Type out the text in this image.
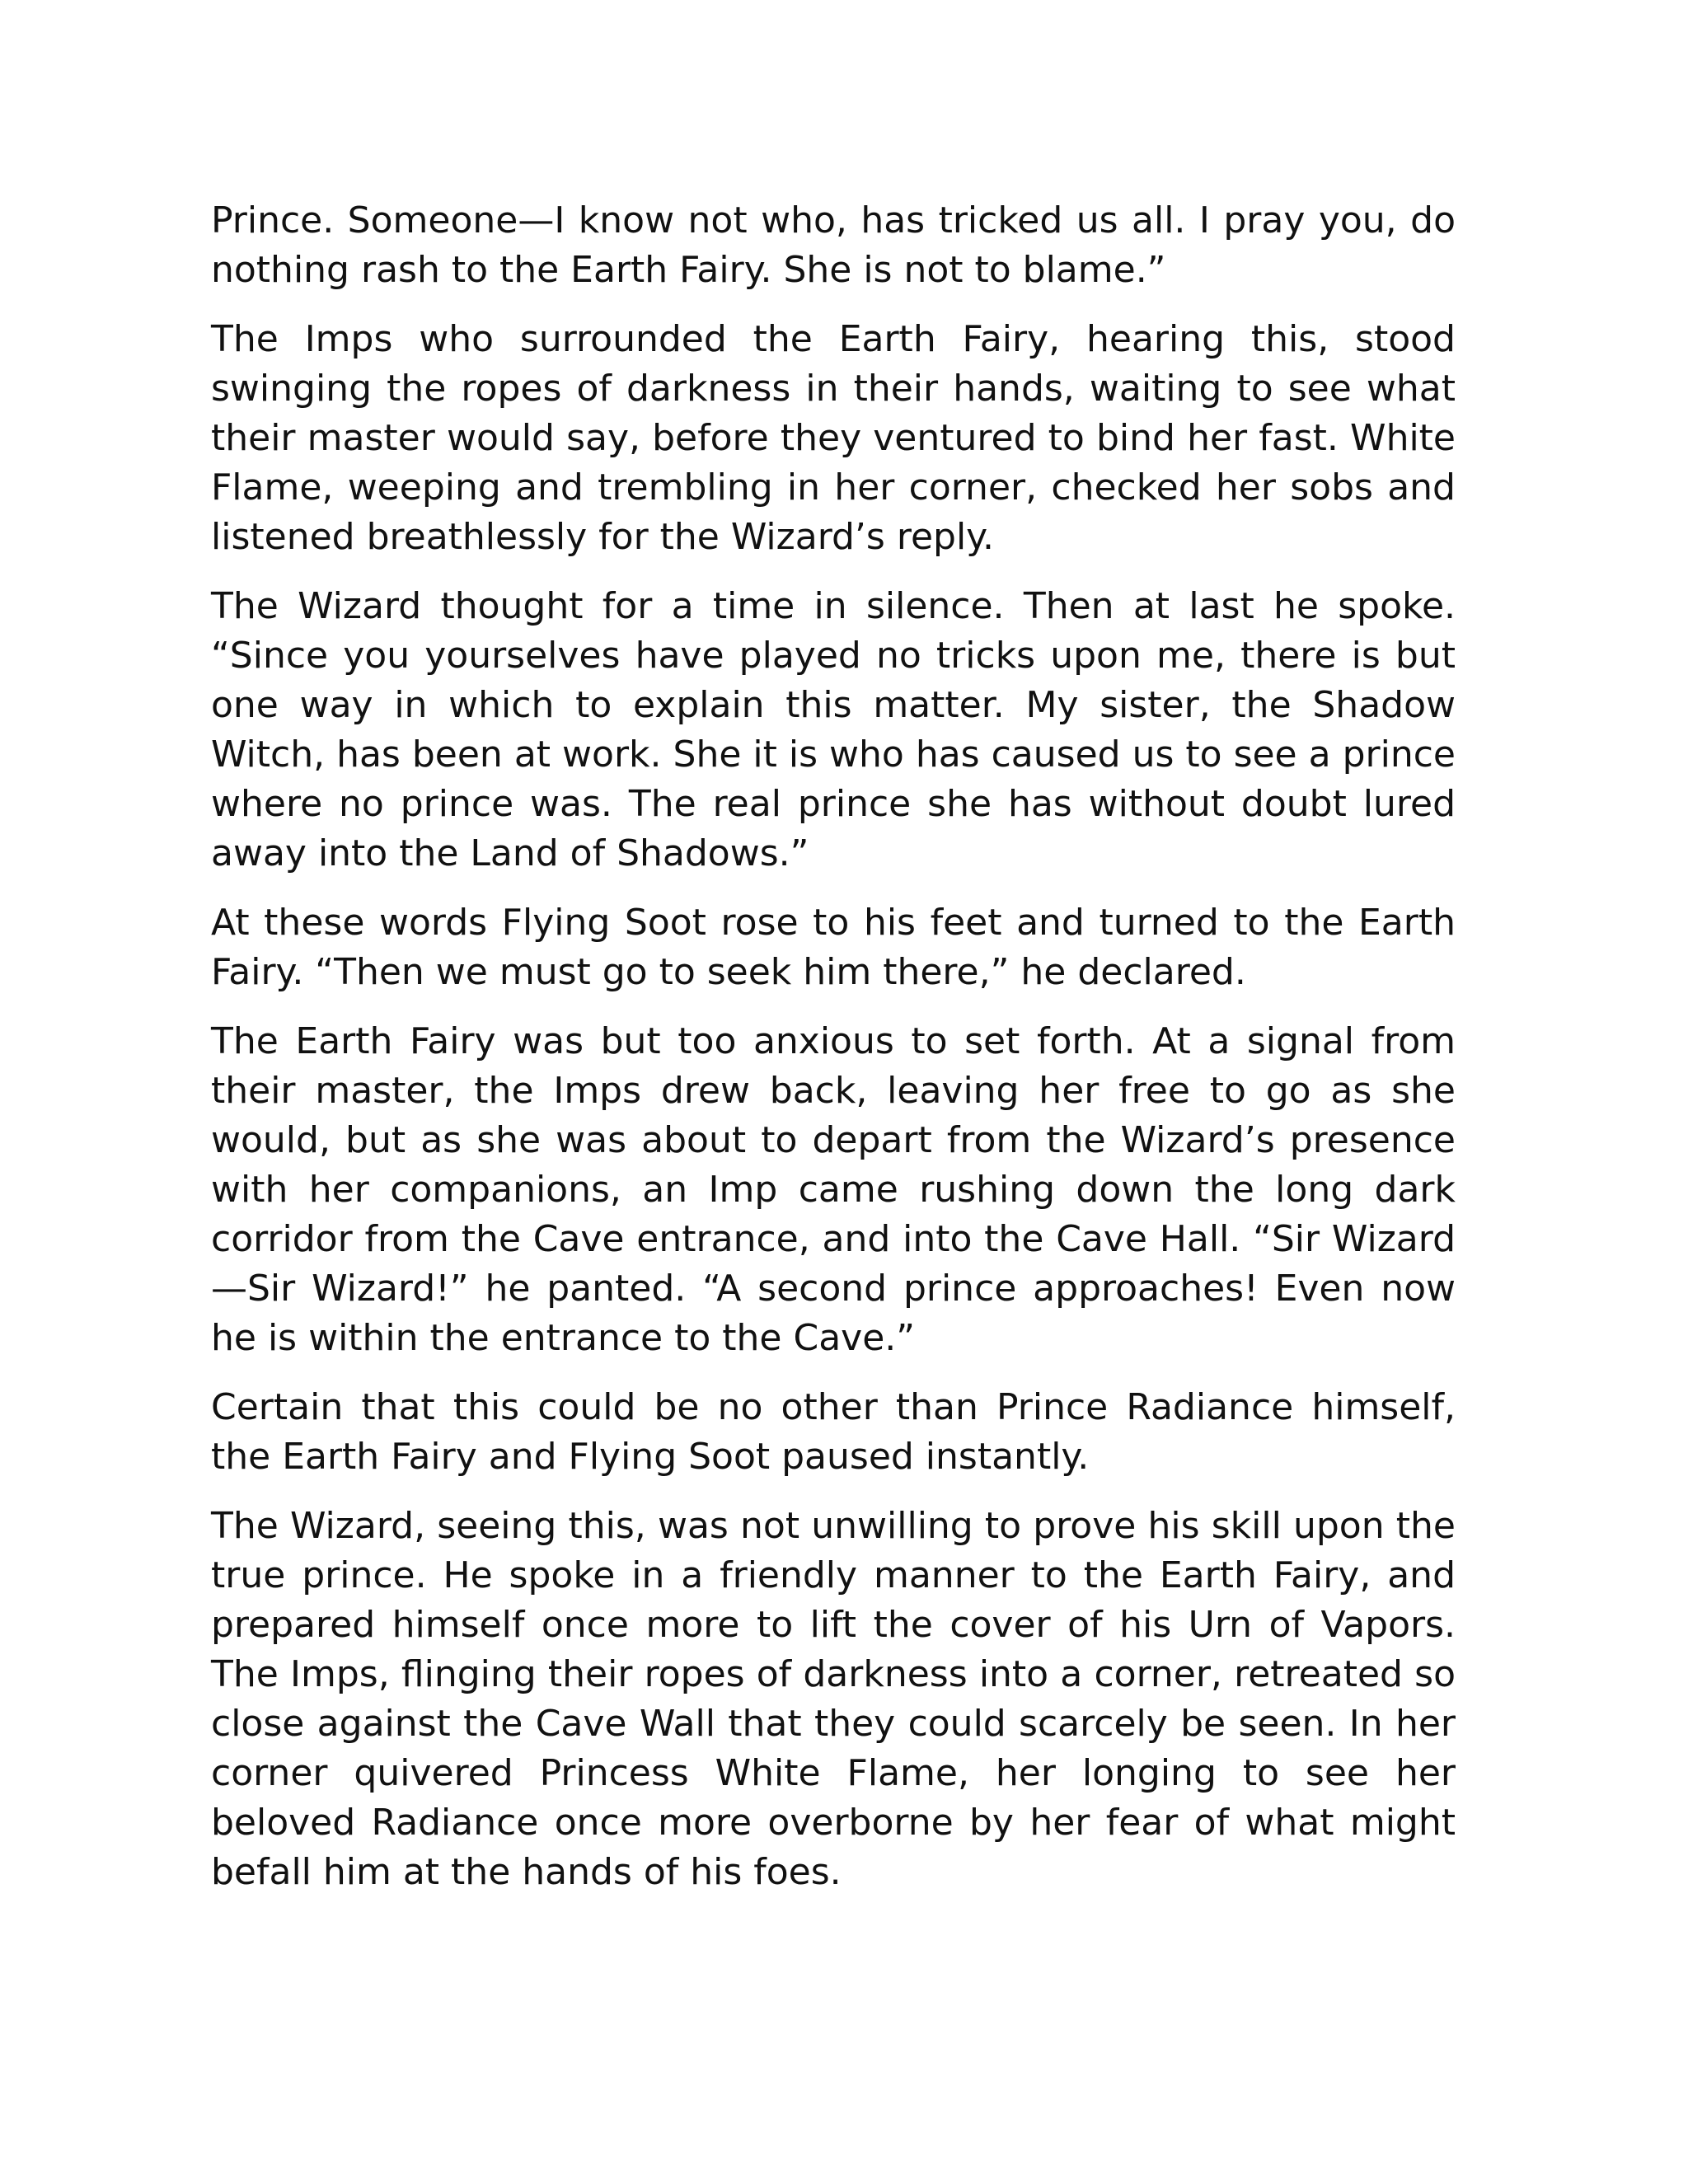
Prince. Someone—I know not who, has tricked us all. I pray you, do nothing rash to the Earth Fairy. She is not to blame.”

The Imps who surrounded the Earth Fairy, hearing this, stood swinging the ropes of darkness in their hands, waiting to see what their master would say, before they ventured to bind her fast. White Flame, weeping and trembling in her corner, checked her sobs and listened breathlessly for the Wizard’s reply.

The Wizard thought for a time in silence. Then at last he spoke. “Since you yourselves have played no tricks upon me, there is but one way in which to explain this matter. My sister, the Shadow Witch, has been at work. She it is who has caused us to see a prince where no prince was. The real prince she has without doubt lured away into the Land of Shadows.”

At these words Flying Soot rose to his feet and turned to the Earth Fairy. “Then we must go to seek him there,” he declared.

The Earth Fairy was but too anxious to set forth. At a signal from their master, the Imps drew back, leaving her free to go as she would, but as she was about to depart from the Wizard’s presence with her companions, an Imp came rushing down the long dark corridor from the Cave entrance, and into the Cave Hall. “Sir Wizard —Sir Wizard!” he panted. “A second prince approaches! Even now he is within the entrance to the Cave.”

Certain that this could be no other than Prince Radiance himself, the Earth Fairy and Flying Soot paused instantly.

The Wizard, seeing this, was not unwilling to prove his skill upon the true prince. He spoke in a friendly manner to the Earth Fairy, and prepared himself once more to lift the cover of his Urn of Vapors. The Imps, flinging their ropes of darkness into a corner, retreated so close against the Cave Wall that they could scarcely be seen. In her corner quivered Princess White Flame, her longing to see her beloved Radiance once more overborne by her fear of what might befall him at the hands of his foes.
